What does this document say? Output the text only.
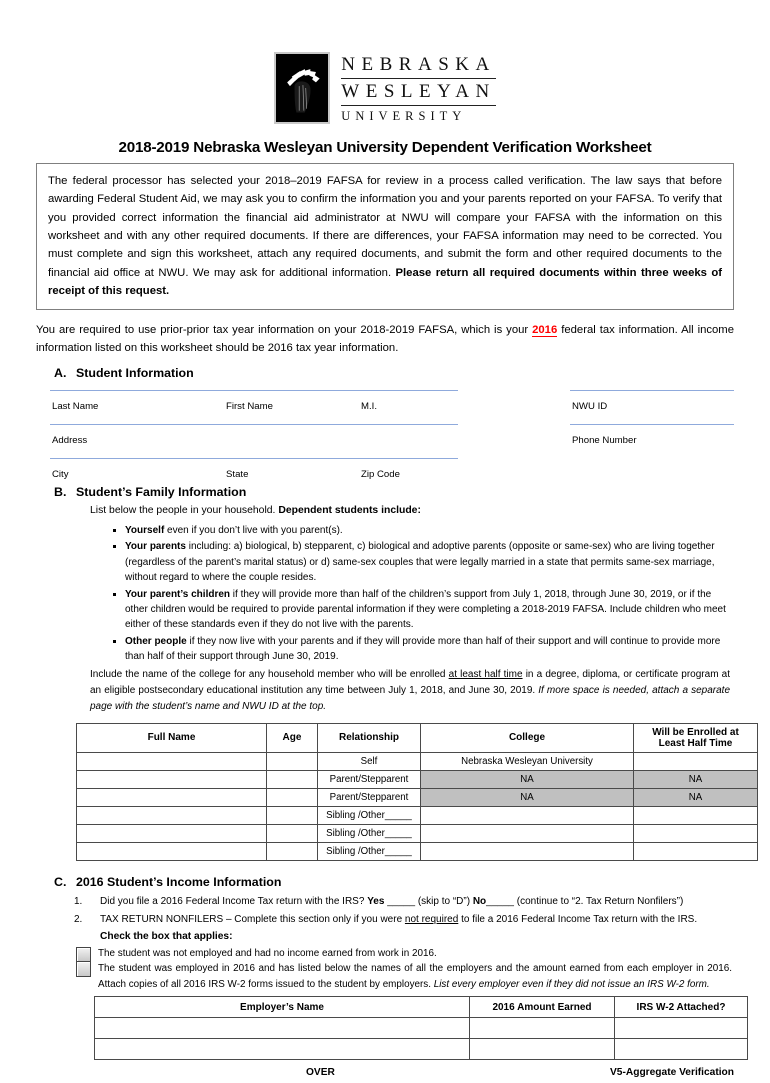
NEBRASKA
WESLEYAN
UNIVERSITY
2018-2019 Nebraska Wesleyan University Dependent Verification Worksheet
The federal processor has selected your 2018–2019 FAFSA for review in a process called verification. The law says that before awarding Federal Student Aid, we may ask you to confirm the information you and your parents reported on your FAFSA. To verify that you provided correct information the financial aid administrator at NWU will compare your FAFSA with the information on this worksheet and with any other required documents. If there are differences, your FAFSA information may need to be corrected. You must complete and sign this worksheet, attach any required documents, and submit the form and other required documents to the financial aid office at NWU. We may ask for additional information. Please return all required documents within three weeks of receipt of this request.
You are required to use prior-prior tax year information on your 2018-2019 FAFSA, which is your 2016 federal tax information. All income information listed on this worksheet should be 2016 tax year information.
A. Student Information
Last Name	First Name	M.I.	NWU ID
Address	Phone Number
City	State	Zip Code
B. Student’s Family Information
List below the people in your household. Dependent students include:
Yourself even if you don’t live with you parent(s).
Your parents including: a) biological, b) stepparent, c) biological and adoptive parents (opposite or same-sex) who are living together (regardless of the parent’s marital status) or d) same-sex couples that were legally married in a state that permits same-sex marriage, without regard to where the couple resides.
Your parent’s children if they will provide more than half of the children’s support from July 1, 2018, through June 30, 2019, or if the other children would be required to provide parental information if they were completing a 2018-2019 FAFSA. Include children who meet either of these standards even if they do not live with the parents.
Other people if they now live with your parents and if they will provide more than half of their support and will continue to provide more than half of their support through June 30, 2019.
Include the name of the college for any household member who will be enrolled at least half time in a degree, diploma, or certificate program at an eligible postsecondary educational institution any time between July 1, 2018, and June 30, 2019. If more space is needed, attach a separate page with the student’s name and NWU ID at the top.
Full Name	Age	Relationship	College	Will be Enrolled at
Least Half Time

		Self	Nebraska Wesleyan University	
		Parent/Stepparent	NA	NA
		Parent/Stepparent	NA	NA
		Sibling /Other_____		
		Sibling /Other_____		
		Sibling /Other_____		
C. 2016 Student’s Income Information
1.	Did you file a 2016 Federal Income Tax return with the IRS? Yes _____ (skip to “D”) No_____ (continue to “2. Tax Return Nonfilers”)
2.	TAX RETURN NONFILERS – Complete this section only if you were not required to file a 2016 Federal Income Tax return with the IRS.
Check the box that applies:
The student was not employed and had no income earned from work in 2016.
The student was employed in 2016 and has listed below the names of all the employers and the amount earned from each employer in 2016. Attach copies of all 2016 IRS W-2 forms issued to the student by employers. List every employer even if they did not issue an IRS W-2 form.
Employer’s Name	2016 Amount Earned	IRS W-2 Attached?

OVER	V5-Aggregate Verification
